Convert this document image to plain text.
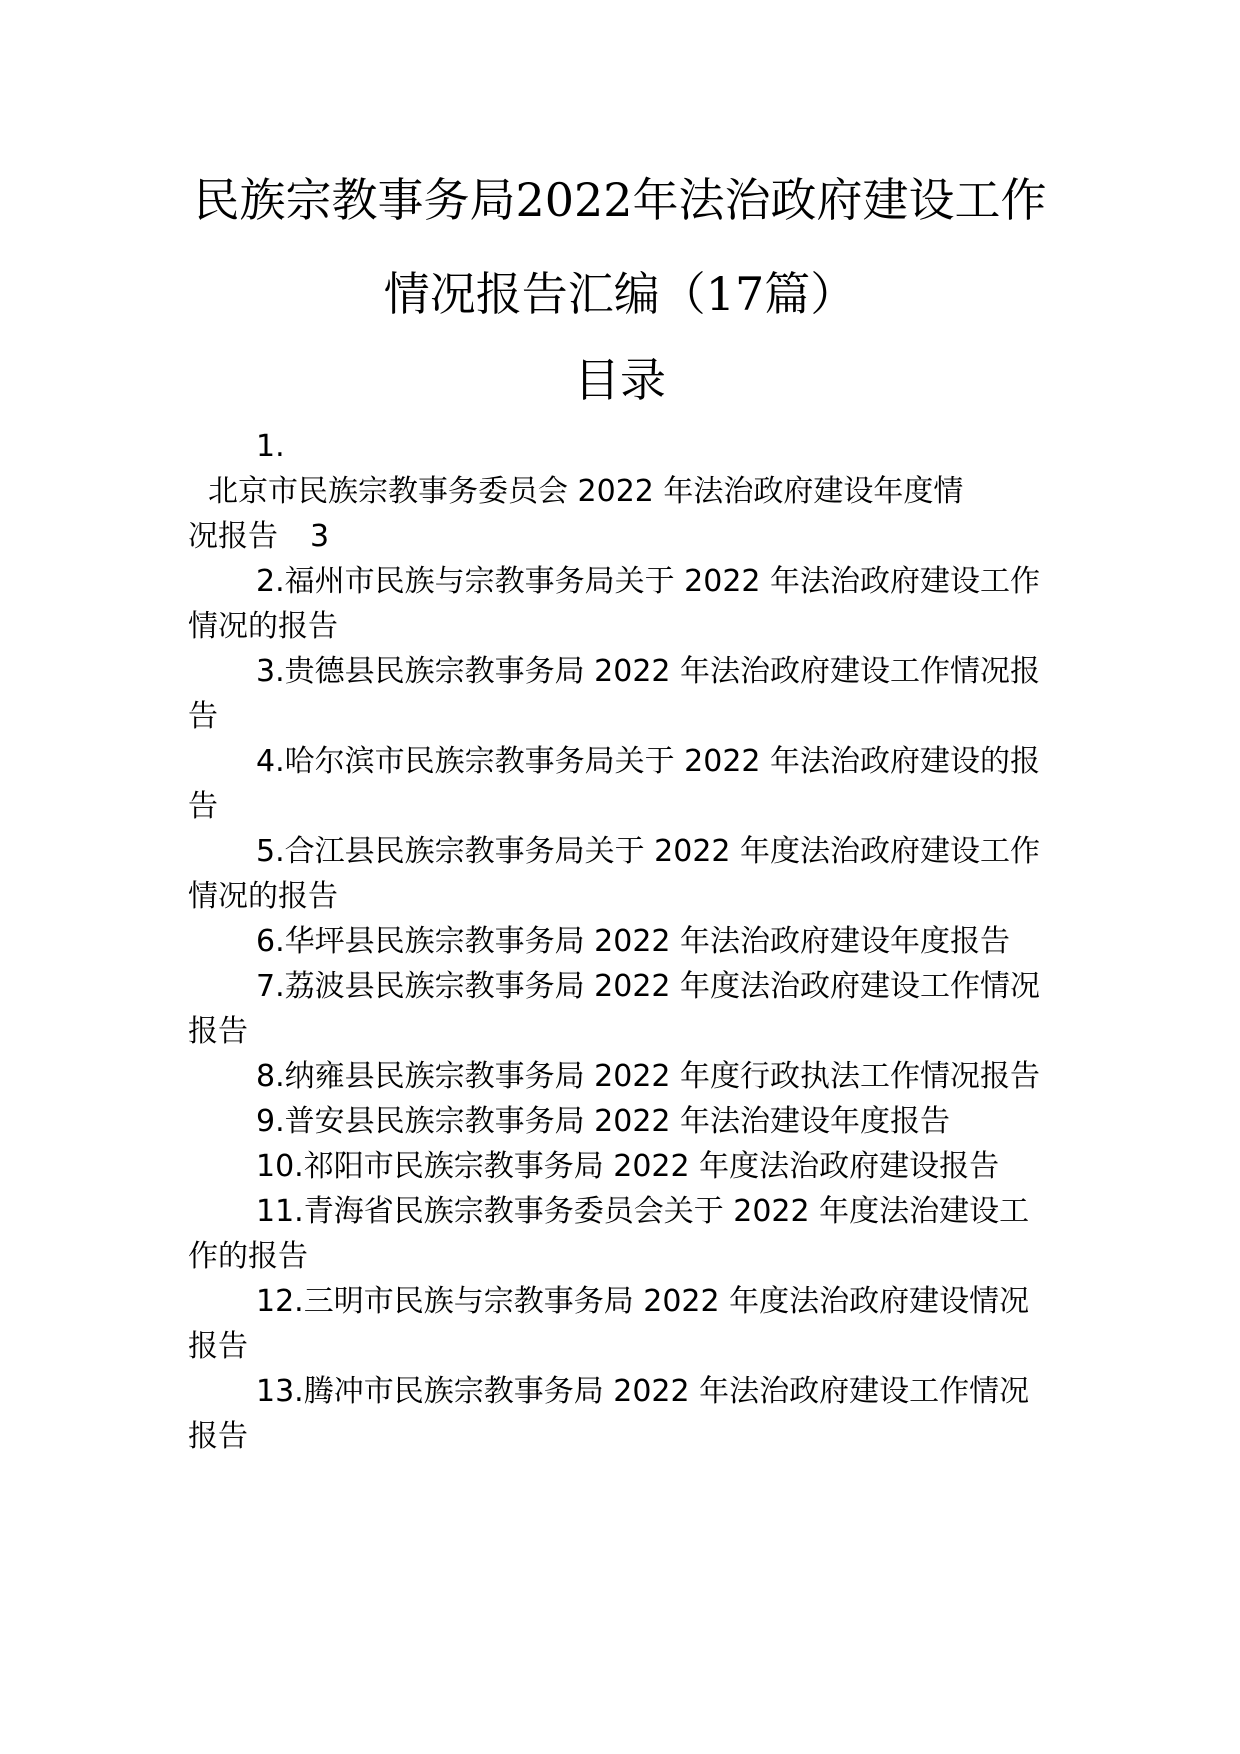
民族宗教事务局2022年法治政府建设工作
情况报告汇编（17篇）
目录

1.
北京市民族宗教事务委员会 2022 年法治政府建设年度情
况报告 3

2.福州市民族与宗教事务局关于 2022 年法治政府建设工作情况的报告

3.贵德县民族宗教事务局 2022 年法治政府建设工作情况报告

4.哈尔滨市民族宗教事务局关于 2022 年法治政府建设的报告

5.合江县民族宗教事务局关于 2022 年度法治政府建设工作情况的报告

6.华坪县民族宗教事务局 2022 年法治政府建设年度报告

7.荔波县民族宗教事务局 2022 年度法治政府建设工作情况报告

8.纳雍县民族宗教事务局 2022 年度行政执法工作情况报告

9.普安县民族宗教事务局 2022 年法治建设年度报告

10.祁阳市民族宗教事务局 2022 年度法治政府建设报告

11.青海省民族宗教事务委员会关于 2022 年度法治建设工作的报告

12.三明市民族与宗教事务局 2022 年度法治政府建设情况报告

13.腾冲市民族宗教事务局 2022 年法治政府建设工作情况报告
